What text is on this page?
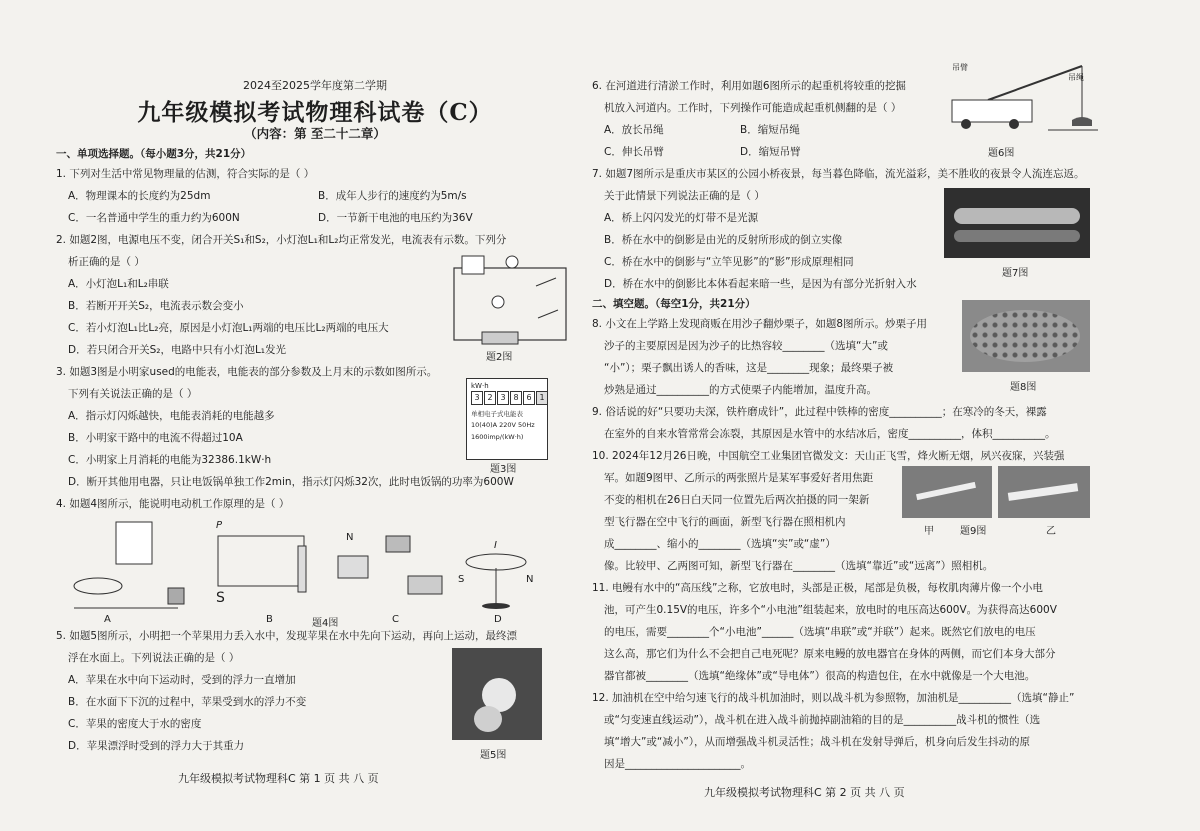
2024至2025学年度第二学期
九年级模拟考试物理科试卷（C）
（内容：第 至二十二章）
一、单项选择题。（每小题3分，共21分）
1. 下列对生活中常见物理量的估测，符合实际的是（ ）
A．物理课本的长度约为25dm	B．成年人步行的速度约为5m/s
C．一名普通中学生的重力约为600N	D．一节新干电池的电压约为36V
2. 如题2图，电源电压不变，闭合开关S₁和S₂，小灯泡L₁和L₂均正常发光，电流表有示数。下列分
析正确的是（ ）
A．小灯泡L₁和L₂串联
B．若断开开关S₂，电流表示数会变小
C．若小灯泡L₁比L₂亮，原因是小灯泡L₁两端的电压比L₂两端的电压大
D．若只闭合开关S₂，电路中只有小灯泡L₁发光
题2图
3. 如题3图是小明家used的电能表，电能表的部分参数及上月末的示数如图所示。
下列有关说法正确的是（ ）
A．指示灯闪烁越快，电能表消耗的电能越多
B．小明家干路中的电流不得超过10A
C．小明家上月消耗的电能为32386.1kW·h
D．断开其他用电器，只让电饭锅单独工作2min，指示灯闪烁32次，此时电饭锅的功率为600W
kW·h
3 2 3 8 6 1
单相电子式电能表
10(40)A 220V 50Hz
1600imp/(kW·h)
题3图
4. 如题4图所示，能说明电动机工作原理的是（ ）
P
S
N
S	N
I
A	B	C	D
题4图
5. 如题5图所示，小明把一个苹果用力丢入水中，发现苹果在水中先向下运动，再向上运动，最终漂
浮在水面上。下列说法正确的是（ ）
A．苹果在水中向下运动时，受到的浮力一直增加
B．在水面下下沉的过程中，苹果受到水的浮力不变
C．苹果的密度大于水的密度
D．苹果漂浮时受到的浮力大于其重力
题5图
九年级模拟考试物理科C 第 1 页 共 八 页
6. 在河道进行清淤工作时，利用如题6图所示的起重机将较重的挖掘
机放入河道内。工作时，下列操作可能造成起重机侧翻的是（ ）
A．放长吊绳	B．缩短吊绳
C．伸长吊臂	D．缩短吊臂
吊臂
吊绳
题6图
7. 如题7图所示是重庆市某区的公园小桥夜景，每当暮色降临，流光溢彩，美不胜收的夜景令人流连忘返。
关于此情景下列说法正确的是（ ）
A．桥上闪闪发光的灯带不是光源
B．桥在水中的倒影是由光的反射所形成的倒立实像
C．桥在水中的倒影与“立竿见影”的“影”形成原理相同
D．桥在水中的倒影比本体看起来暗一些，是因为有部分光折射入水
题7图
二、填空题。（每空1分，共21分）
8. 小文在上学路上发现商贩在用沙子翻炒栗子，如题8图所示。炒栗子用
沙子的主要原因是因为沙子的比热容较________（选填“大”或
“小”）；栗子飘出诱人的香味，这是________现象；最终栗子被
炒熟是通过__________的方式使栗子内能增加，温度升高。	题8图
9. 俗话说的好“只要功夫深，铁杵磨成针”，此过程中铁棒的密度__________；在寒冷的冬天，裸露
在室外的自来水管常常会冻裂，其原因是水管中的水结冰后，密度__________，体积__________。
10. 2024年12月26日晚，中国航空工业集团官微发文：天山正飞雪，烽火断无烟，夙兴夜寐，兴装强
军。如题9图甲、乙所示的两张照片是某军事爱好者用焦距
不变的相机在26日白天同一位置先后两次拍摄的同一架新
型飞行器在空中飞行的画面，新型飞行器在照相机内
成________、缩小的________（选填“实”或“虚”）
像。比较甲、乙两图可知，新型飞行器在________（选填“靠近”或“远离”）照相机。
甲	题9图	乙
11. 电鳗有水中的“高压线”之称，它放电时，头部是正极，尾部是负极，每枚肌肉薄片像一个小电
池，可产生0.15V的电压，许多个“小电池”组装起来，放电时的电压高达600V。为获得高达600V
的电压，需要________个“小电池”______（选填“串联”或“并联”）起来。既然它们放电的电压
这么高，那它们为什么不会把自己电死呢？原来电鳗的放电器官在身体的两侧，而它们本身大部分
器官都被________（选填“绝缘体”或“导电体”）很高的构造包住，在水中就像是一个大电池。
12. 加油机在空中给匀速飞行的战斗机加油时，则以战斗机为参照物，加油机是__________（选填“静止”
或“匀变速直线运动”），战斗机在进入战斗前抛掉副油箱的目的是__________战斗机的惯性（选
填“增大”或“减小”），从而增强战斗机灵活性；战斗机在发射导弹后，机身向后发生抖动的原
因是______________________。
九年级模拟考试物理科C 第 2 页 共 八 页
